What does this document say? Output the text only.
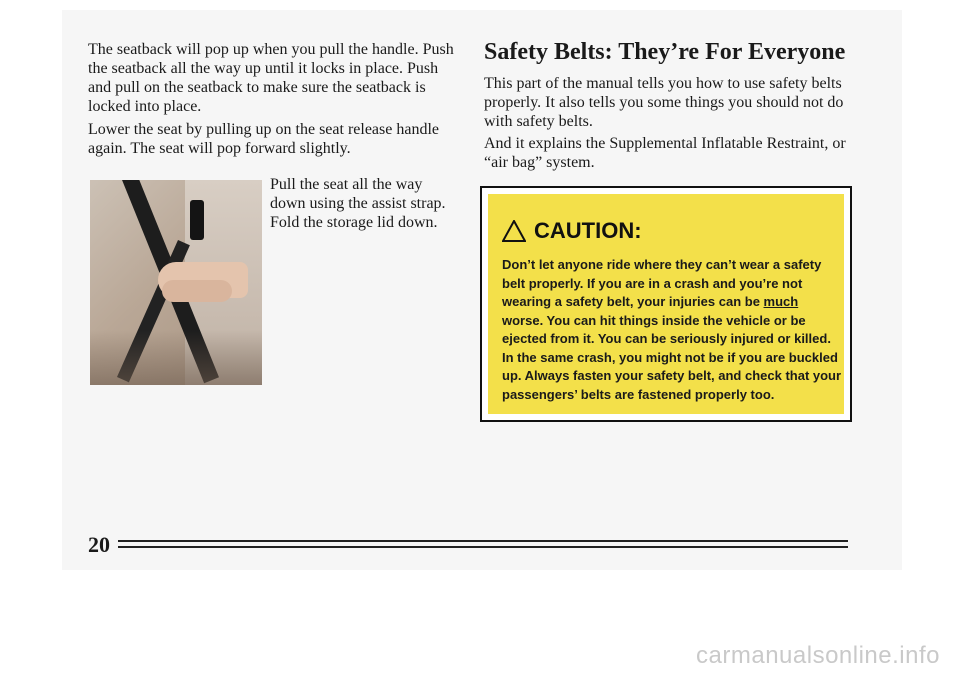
The seatback will pop up when you pull the handle. Push the seatback all the way up until it locks in place. Push and pull on the seatback to make sure the seatback is locked into place.

Lower the seat by pulling up on the seat release handle again. The seat will pop forward slightly.

Pull the seat all the way down using the assist strap. Fold the storage lid down.

Safety Belts: They’re For Everyone

This part of the manual tells you how to use safety belts properly. It also tells you some things you should not do with safety belts.

And it explains the Supplemental Inflatable Restraint, or “air bag” system.

CAUTION:

Don’t let anyone ride where they can’t wear a safety belt properly. If you are in a crash and you’re not wearing a safety belt, your injuries can be much worse. You can hit things inside the vehicle or be ejected from it. You can be seriously injured or killed. In the same crash, you might not be if you are buckled up. Always fasten your safety belt, and check that your passengers’ belts are fastened properly too.

20

carmanualsonline.info
